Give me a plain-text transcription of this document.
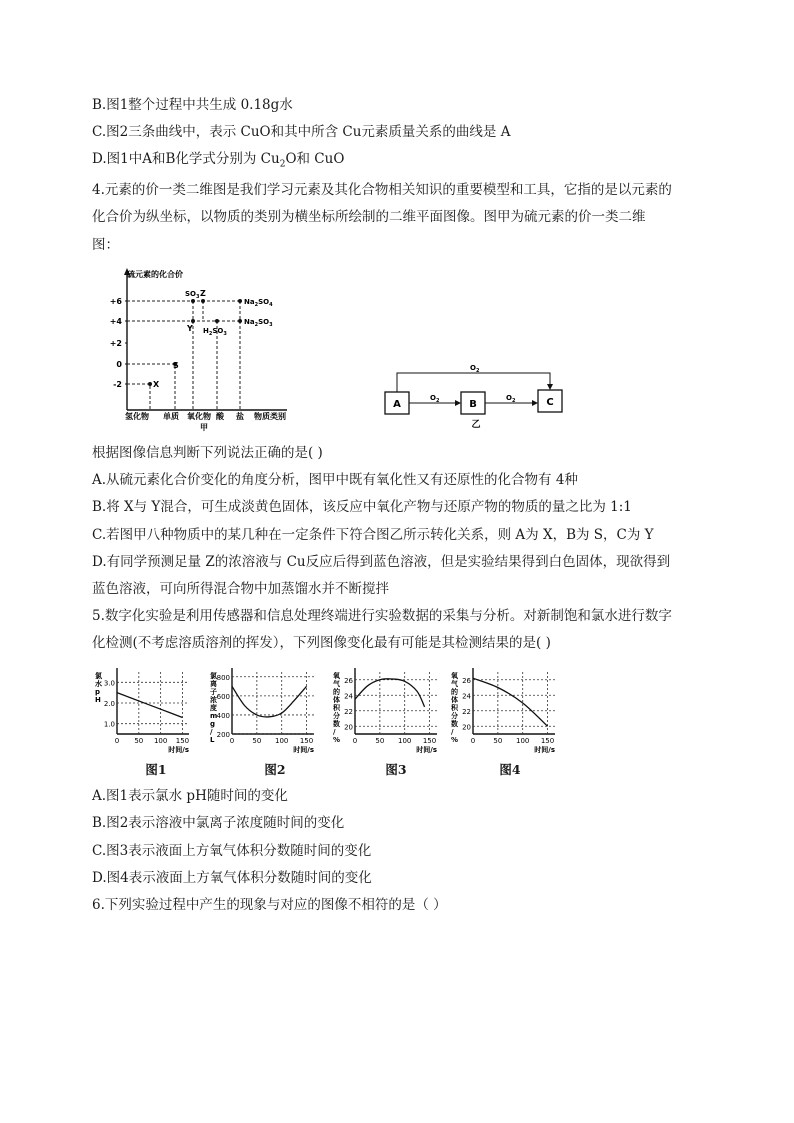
B.图1整个过程中共生成 0.18g水
C.图2三条曲线中，表示 CuO和其中所含 Cu元素质量关系的曲线是 A
D.图1中A和B化学式分别为 $Cu_2O$和 CuO
4.元素的价一类二维图是我们学习元素及其化合物相关知识的重要模型和工具，它指的是以元素的
化合价为纵坐标，以物质的类别为横坐标所绘制的二维平面图像。图甲为硫元素的价一类二维
图：
硫元素的化合价
+6
+4
+2
0
-2	X
S
$SO_3$
Y
Z
$H_2SO_3$
$Na_2SO_4$
$Na_2SO_3$
氢化物 单质 氧化物 酸 盐 物质类别
甲
A	B	C
$O_2$	$O_2$
$O_2$
乙
根据图像信息判断下列说法正确的是( )
A.从硫元素化合价变化的角度分析，图甲中既有氧化性又有还原性的化合物有 4种
B.将 X与 Y混合，可生成淡黄色固体，该反应中氧化产物与还原产物的物质的量之比为 1:1
C.若图甲八种物质中的某几种在一定条件下符合图乙所示转化关系，则 A为 X，B为 S，C为 Y
D.有同学预测足量 Z的浓溶液与 Cu反应后得到蓝色溶液，但是实验结果得到白色固体，现欲得到
蓝色溶液，可向所得混合物中加蒸馏水并不断搅拌
5.数字化实验是利用传感器和信息处理终端进行实验数据的采集与分析。对新制饱和氯水进行数字
化检测(不考虑溶质溶剂的挥发），下列图像变化最有可能是其检测结果的是( )
氯水 p H
3.0
2.0
1.0
0 50 100 150
时间/s
氯离子浓度 m g / L
800
600
400
200
0	50 100 150
时间/s
氧气的体积分数/ %
26
24
22
20
0	50 100 150
时间/s
氧气的体积分数/ %
26
24
22
20
0	50 100 150
时间/s
图1	图2	图3	图4
A.图1表示氯水 pH随时间的变化
B.图2表示溶液中氯离子浓度随时间的变化
C.图3表示液面上方氧气体积分数随时间的变化
D.图4表示液面上方氧气体积分数随时间的变化
6.下列实验过程中产生的现象与对应的图像不相符的是（ ）
